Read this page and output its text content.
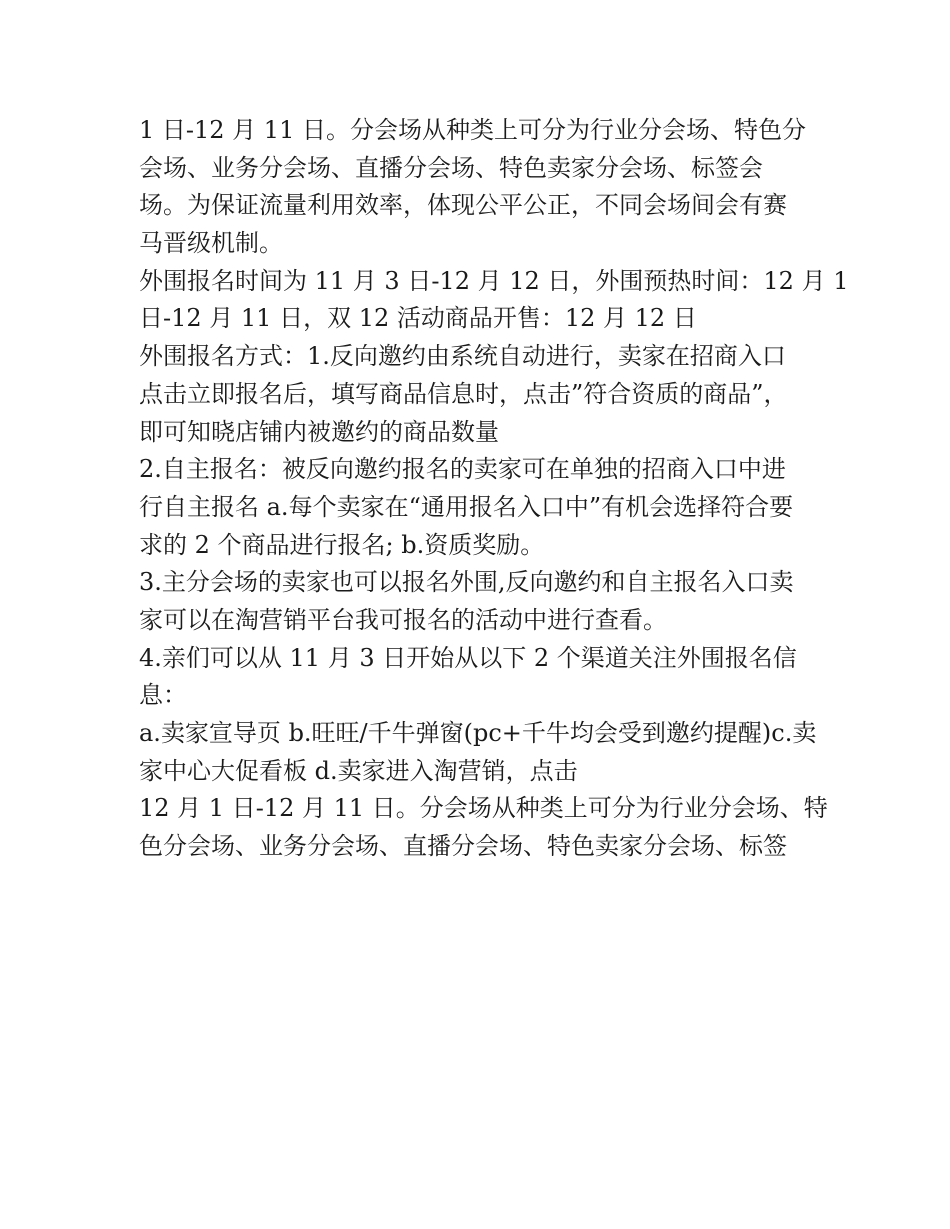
1 日-12 月 11 日。分会场从种类上可分为行业分会场、特色分
会场、业务分会场、直播分会场、特色卖家分会场、标签会
场。为保证流量利用效率，体现公平公正，不同会场间会有赛
马晋级机制。
外围报名时间为 11 月 3 日-12 月 12 日，外围预热时间：12 月 1
日-12 月 11 日，双 12 活动商品开售：12 月 12 日
外围报名方式：1.反向邀约由系统自动进行，卖家在招商入口
点击立即报名后，填写商品信息时，点击”符合资质的商品”，
即可知晓店铺内被邀约的商品数量
2.自主报名：被反向邀约报名的卖家可在单独的招商入口中进
行自主报名 a.每个卖家在“通用报名入口中”有机会选择符合要
求的 2 个商品进行报名; b.资质奖励。
3.主分会场的卖家也可以报名外围,反向邀约和自主报名入口卖
家可以在淘营销平台我可报名的活动中进行查看。
4.亲们可以从 11 月 3 日开始从以下 2 个渠道关注外围报名信
息：
a.卖家宣导页 b.旺旺/千牛弹窗(pc+千牛均会受到邀约提醒)c.卖
家中心大促看板 d.卖家进入淘营销，点击
12 月 1 日-12 月 11 日。分会场从种类上可分为行业分会场、特
色分会场、业务分会场、直播分会场、特色卖家分会场、标签
